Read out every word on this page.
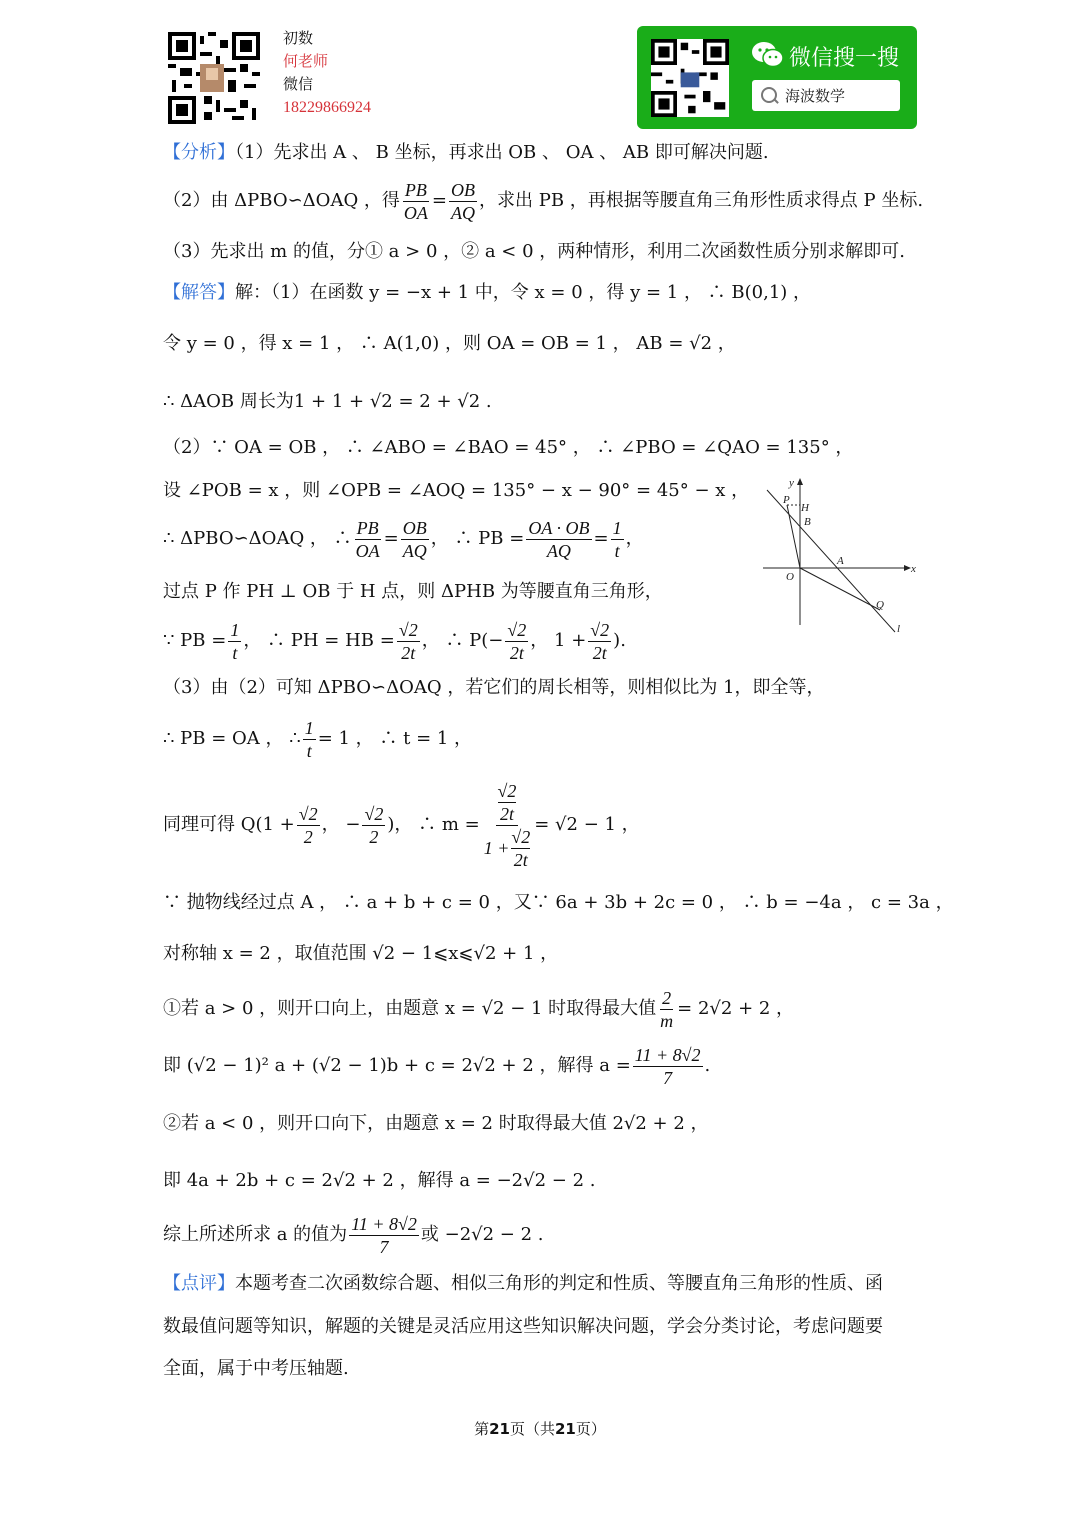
初数
何老师
微信
18229866924
微信搜一搜
海波数学
【分析】（1）先求出 A 、 B 坐标，再求出 OB 、 OA 、 AB 即可解决问题.
（2）由 ΔPBO∽ΔOAQ ，得 $\frac{PB}{OA} = \frac{OB}{AQ}$ ，求出 PB ，再根据等腰直角三角形性质求得点 P 坐标.
（3）先求出 m 的值，分① a > 0 ，② a < 0 ，两种情形，利用二次函数性质分别求解即可.
【解答】解：（1）在函数 y = −x + 1 中，令 x = 0 ，得 y = 1 ， ∴ B(0,1) ，
令 y = 0 ，得 x = 1 ， ∴ A(1,0) ，则 OA = OB = 1 ， AB = √2 ，
∴ ΔAOB 周长为1 + 1 + √2 = 2 + √2 .
（2）∵ OA = OB ， ∴ ∠ABO = ∠BAO = 45° ， ∴ ∠PBO = ∠QAO = 135° ，
设 ∠POB = x ，则 ∠OPB = ∠AOQ = 135° − x − 90° = 45° − x ，
∴ ΔPBO∽ΔOAQ ， ∴ $\frac{PB}{OA} = \frac{OB}{AQ}$ ， ∴ PB = $\frac{OA \cdot OB}{AQ} = \frac{1}{t}$ ，
过点 P 作 PH ⊥ OB 于 H 点，则 ΔPHB 为等腰直角三角形，
∵ PB = $\frac{1}{t}$ ， ∴ PH = HB = $\frac{√2}{2t}$ ， ∴ $P(- \frac{√2}{2t}$ ， $1 + \frac{√2}{2t}$ ).
（3）由（2）可知 ΔPBO∽ΔOAQ ，若它们的周长相等，则相似比为 1，即全等，
∴ PB = OA ， ∴ $\frac{1}{t} = 1$ ， ∴ t = 1 ，
同理可得 $Q(1 + \frac{√2}{2}$ ， − $\frac{√2}{2}$ )， ∴ $m = \frac{\frac{√2}{2t}}{1 + \frac{√2}{2t}} = √2 - 1$ ，
∵ 抛物线经过点 A ， ∴ a + b + c = 0 ，又∵ 6a + 3b + 2c = 0 ， ∴ b = −4a ， c = 3a ，
对称轴 x = 2 ，取值范围 √2 − 1⩽x⩽√2 + 1 ，
①若 a > 0 ，则开口向上，由题意 x = √2 − 1 时取得最大值 $\frac{2}{m} = 2√2 + 2$ ，
即 (√2 − 1)² a + (√2 − 1)b + c = 2√2 + 2 ，解得 $a = \frac{11 + 8√2}{7}$ .
②若 a < 0 ，则开口向下，由题意 x = 2 时取得最大值 2√2 + 2 ，
即 4a + 2b + c = 2√2 + 2 ，解得 a = −2√2 − 2 .
综上所述所求 a 的值为 $\frac{11 + 8√2}{7}$ 或 −2√2 − 2 .
【点评】本题考查二次函数综合题、相似三角形的判定和性质、等腰直角三角形的性质、函
数最值问题等知识，解题的关键是灵活应用这些知识解决问题，学会分类讨论，考虑问题要
全面，属于中考压轴题.
y
x
O
A
B
P
H
Q
l
第21页（共21页）
